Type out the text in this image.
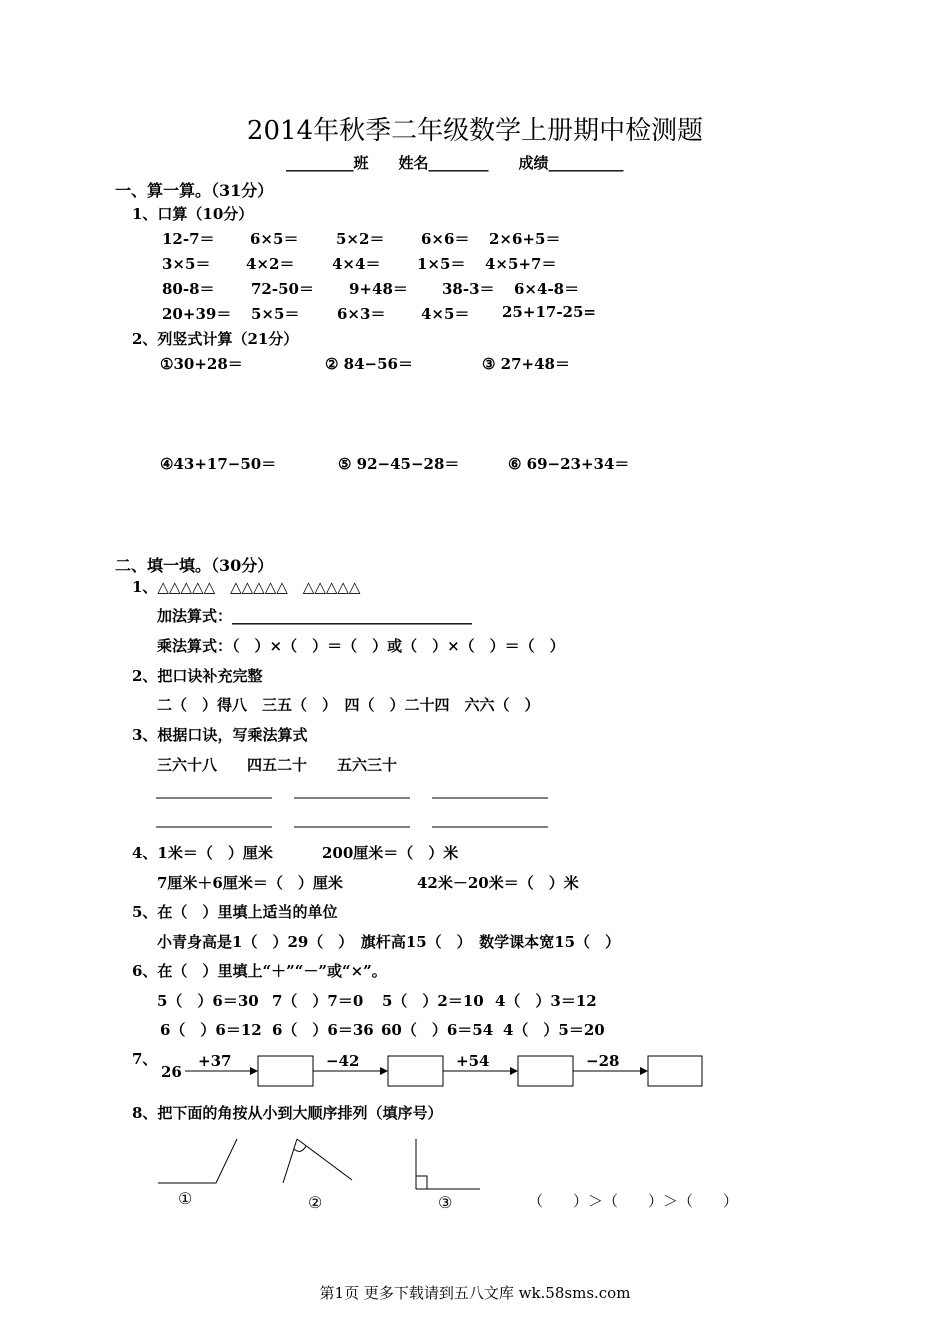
2014年秋季二年级数学上册期中检测题
_________班　　姓名________　　成绩__________
一、算一算。（31分）
1、口算（10分）
12-7＝ 6×5＝	5×2＝ 6×6＝ 2×6+5＝
3×5＝ 4×2＝	4×4＝ 1×5＝ 4×5+7＝
80-8＝ 72-50＝ 9+48＝ 38-3＝ 6×4-8＝
20+39＝ 5×5＝	6×3＝ 4×5＝ 25+17-25=
2、列竖式计算（21分）
①30+28＝	② 84−56＝	③ 27+48＝
④43+17−50＝	⑤ 92−45−28＝	⑥ 69−23+34＝
二、填一填。（30分）
1、△△△△△　△△△△△　△△△△△
加法算式：________________________________
乘法算式：（　）×（　）＝（　）或（　）×（　）＝（　）
2、把口诀补充完整
二（　）得八　三五（　）　四（　）二十四　六六（　）
3、根据口诀，写乘法算式
三六十八　　四五二十　　五六三十
4、1米＝（　）厘米	200厘米＝（　）米
7厘米＋6厘米＝（　）厘米	42米－20米＝（　）米
5、在（　）里填上适当的单位
小青身高是1（　）29（　）　旗杆高15（　）　数学课本宽15（　）
6、在（　）里填上“＋”“－”或“×”。
5（　）6＝30 7（　）7＝0 5（　）2＝10 4（　）3＝12
6（　）6＝12 6（　）6＝36 60（　）6＝54 4（　）5＝20
7、
26
+37	−42	+54	−28
8、把下面的角按从小到大顺序排列（填序号）
①	②	③	（　　）＞（　　）＞（　　）
第1页 更多下载请到五八文库 wk.58sms.com
